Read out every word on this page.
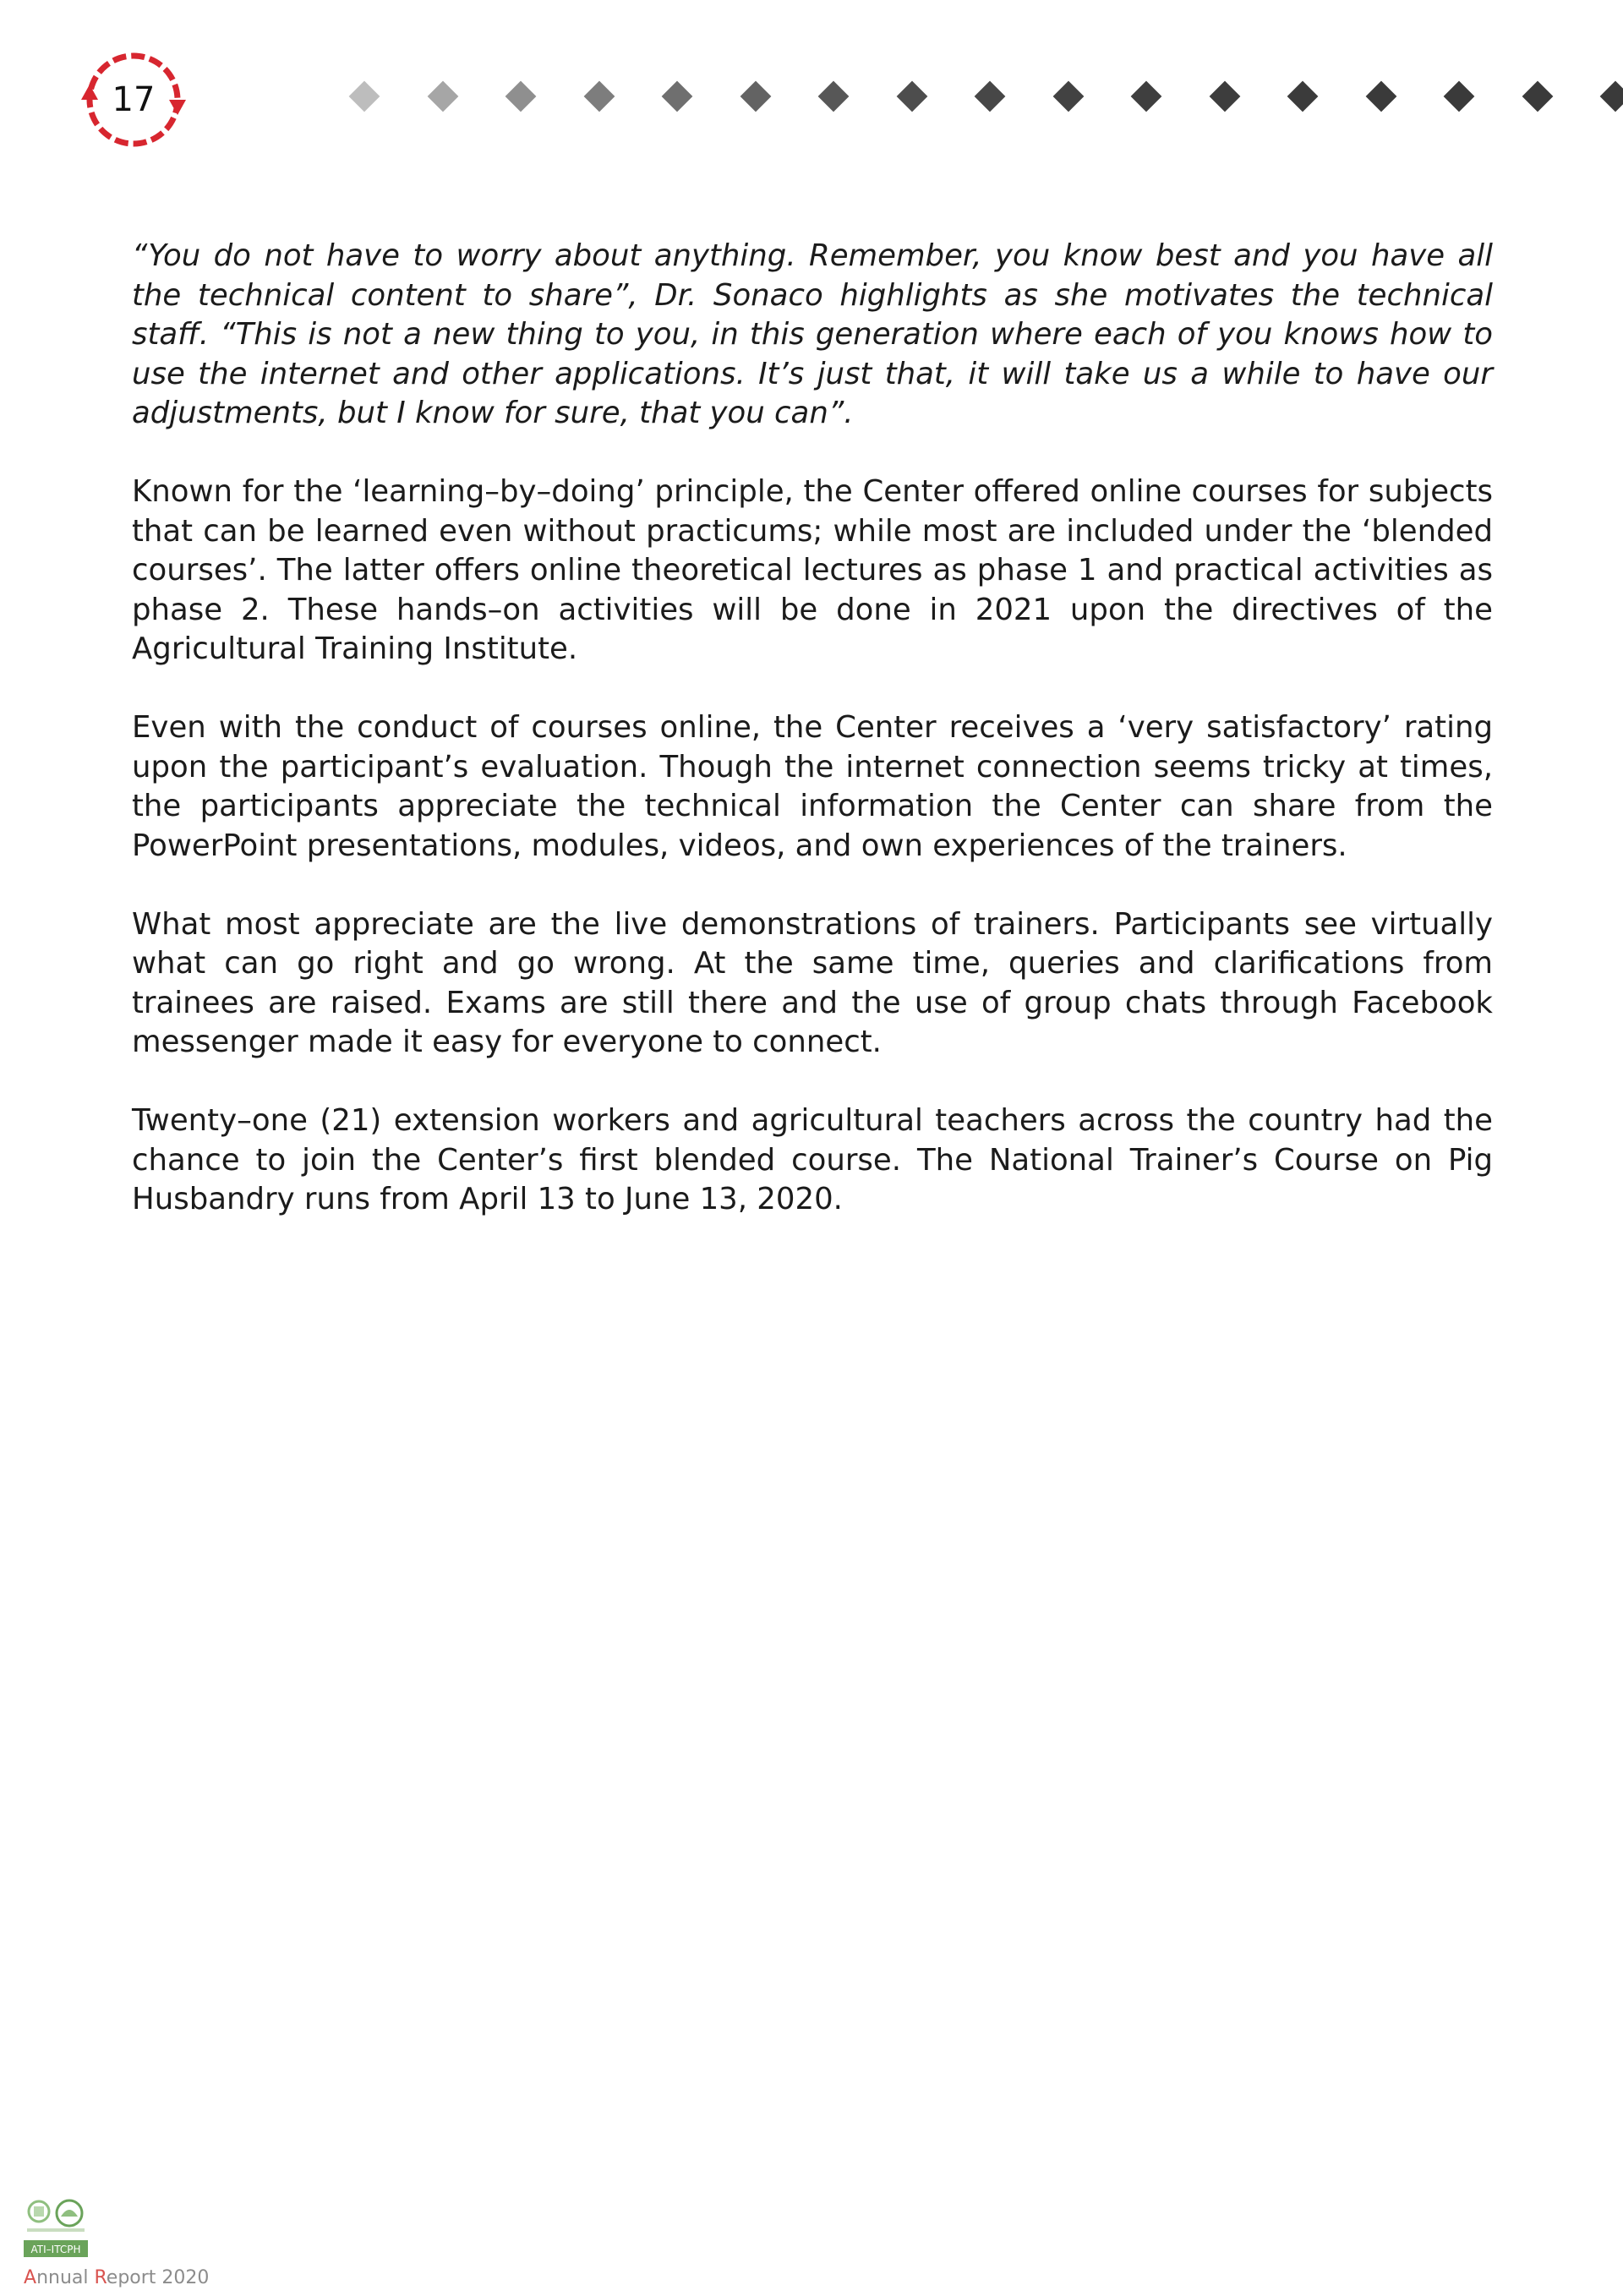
17

“You do not have to worry about anything. Remember, you know best and you have all the technical content to share”, Dr. Sonaco highlights as she motivates the technical staff. “This is not a new thing to you, in this generation where each of you knows how to use the internet and other applications. It’s just that, it will take us a while to have our adjustments, but I know for sure, that you can”.

Known for the ‘learning–by–doing’ principle, the Center offered online courses for subjects that can be learned even without practicums; while most are included under the ‘blended courses’. The latter offers online theoretical lectures as phase 1 and practical activities as phase 2. These hands–on activities will be done in 2021 upon the directives of the Agricultural Training Institute.

Even with the conduct of courses online, the Center receives a ‘very satisfactory’ rating upon the participant’s evaluation. Though the internet connection seems tricky at times, the participants appreciate the technical information the Center can share from the PowerPoint presentations, modules, videos, and own experiences of the trainers.

What most appreciate are the live demonstrations of trainers. Participants see virtually what can go right and go wrong. At the same time, queries and clarifications from trainees are raised. Exams are still there and the use of group chats through Facebook messenger made it easy for everyone to connect.

Twenty–one (21) extension workers and agricultural teachers across the country had the chance to join the Center’s first blended course. The National Trainer’s Course on Pig Husbandry runs from April 13 to June 13, 2020.

ATI–ITCPH
Annual Report 2020
